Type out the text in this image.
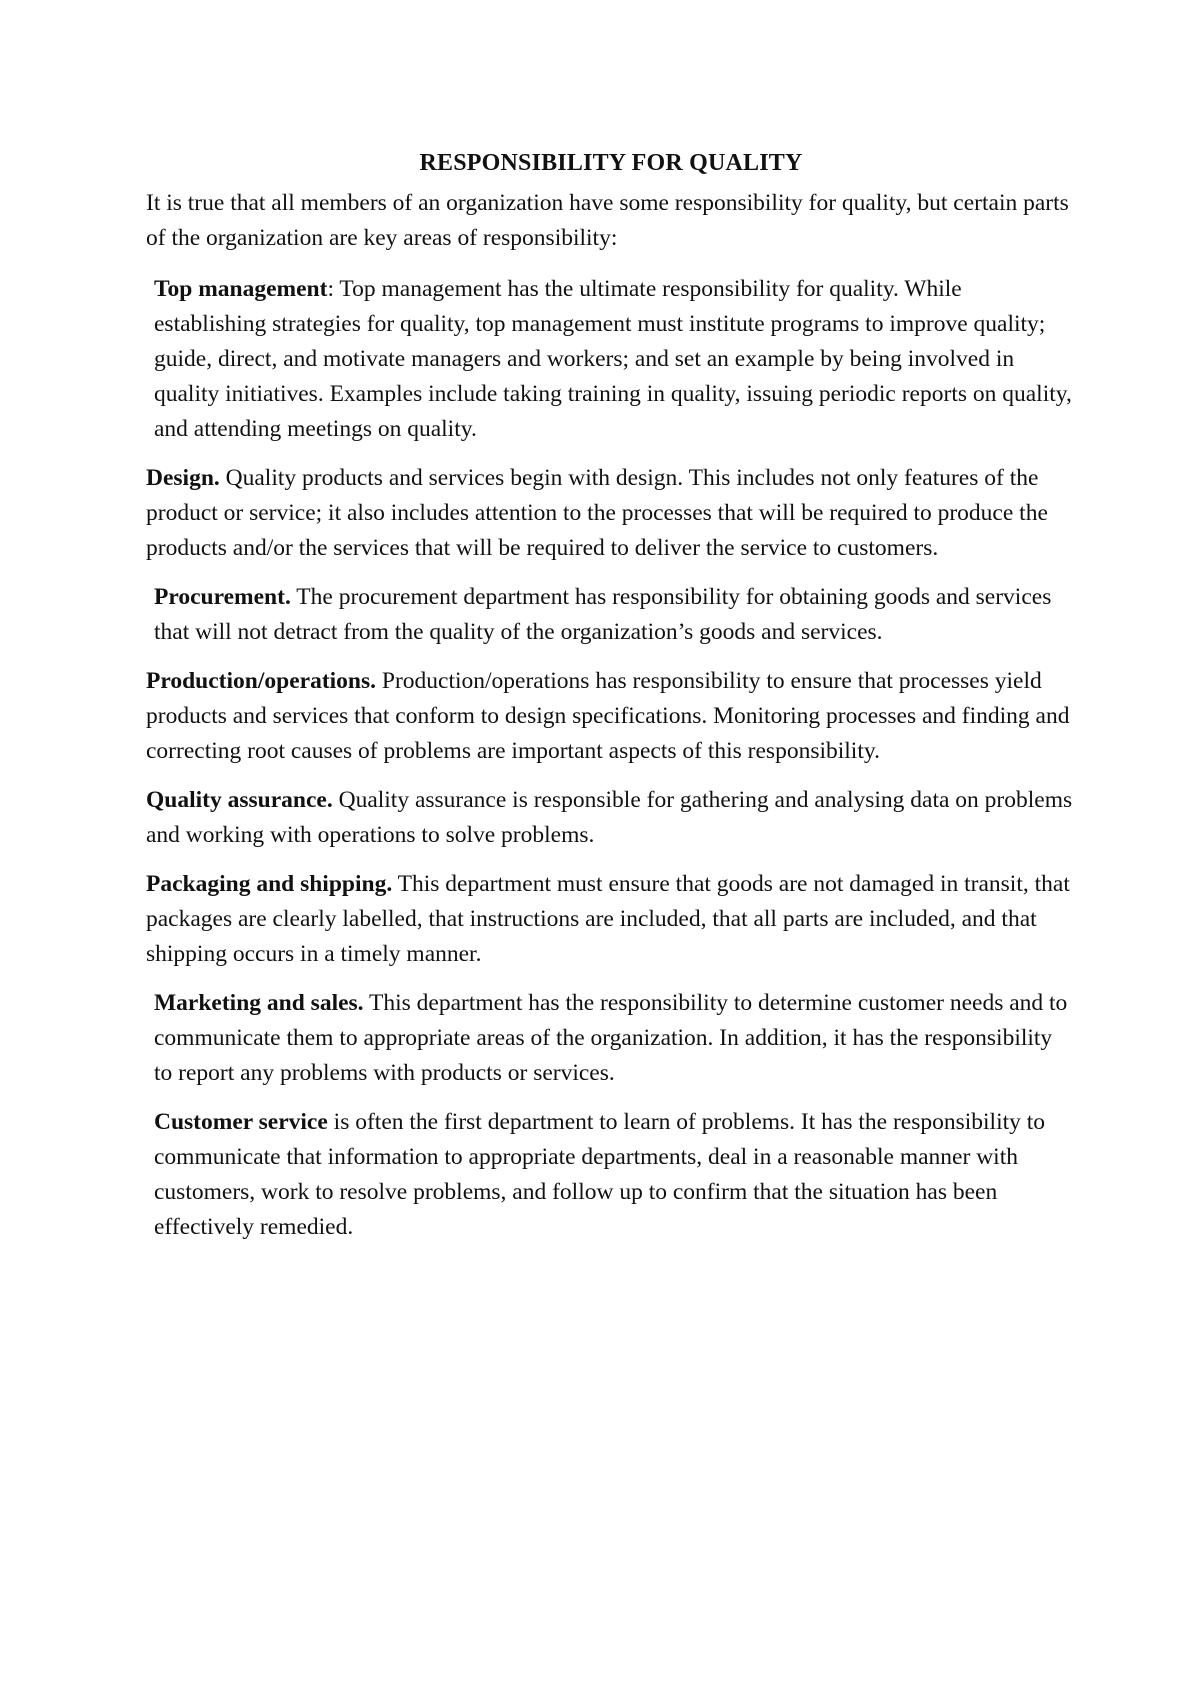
RESPONSIBILITY FOR QUALITY

It is true that all members of an organization have some responsibility for quality, but certain parts of the organization are key areas of responsibility:

Top management: Top management has the ultimate responsibility for quality. While establishing strategies for quality, top management must institute programs to improve quality; guide, direct, and motivate managers and workers; and set an example by being involved in quality initiatives. Examples include taking training in quality, issuing periodic reports on quality, and attending meetings on quality.

Design. Quality products and services begin with design. This includes not only features of the product or service; it also includes attention to the processes that will be required to produce the products and/or the services that will be required to deliver the service to customers.

Procurement. The procurement department has responsibility for obtaining goods and services that will not detract from the quality of the organization’s goods and services.

Production/operations. Production/operations has responsibility to ensure that processes yield products and services that conform to design specifications. Monitoring processes and finding and correcting root causes of problems are important aspects of this responsibility.

Quality assurance. Quality assurance is responsible for gathering and analysing data on problems and working with operations to solve problems.

Packaging and shipping. This department must ensure that goods are not damaged in transit, that packages are clearly labelled, that instructions are included, that all parts are included, and that shipping occurs in a timely manner.

Marketing and sales. This department has the responsibility to determine customer needs and to communicate them to appropriate areas of the organization. In addition, it has the responsibility to report any problems with products or services.

Customer service is often the first department to learn of problems. It has the responsibility to communicate that information to appropriate departments, deal in a reasonable manner with customers, work to resolve problems, and follow up to confirm that the situation has been effectively remedied.
